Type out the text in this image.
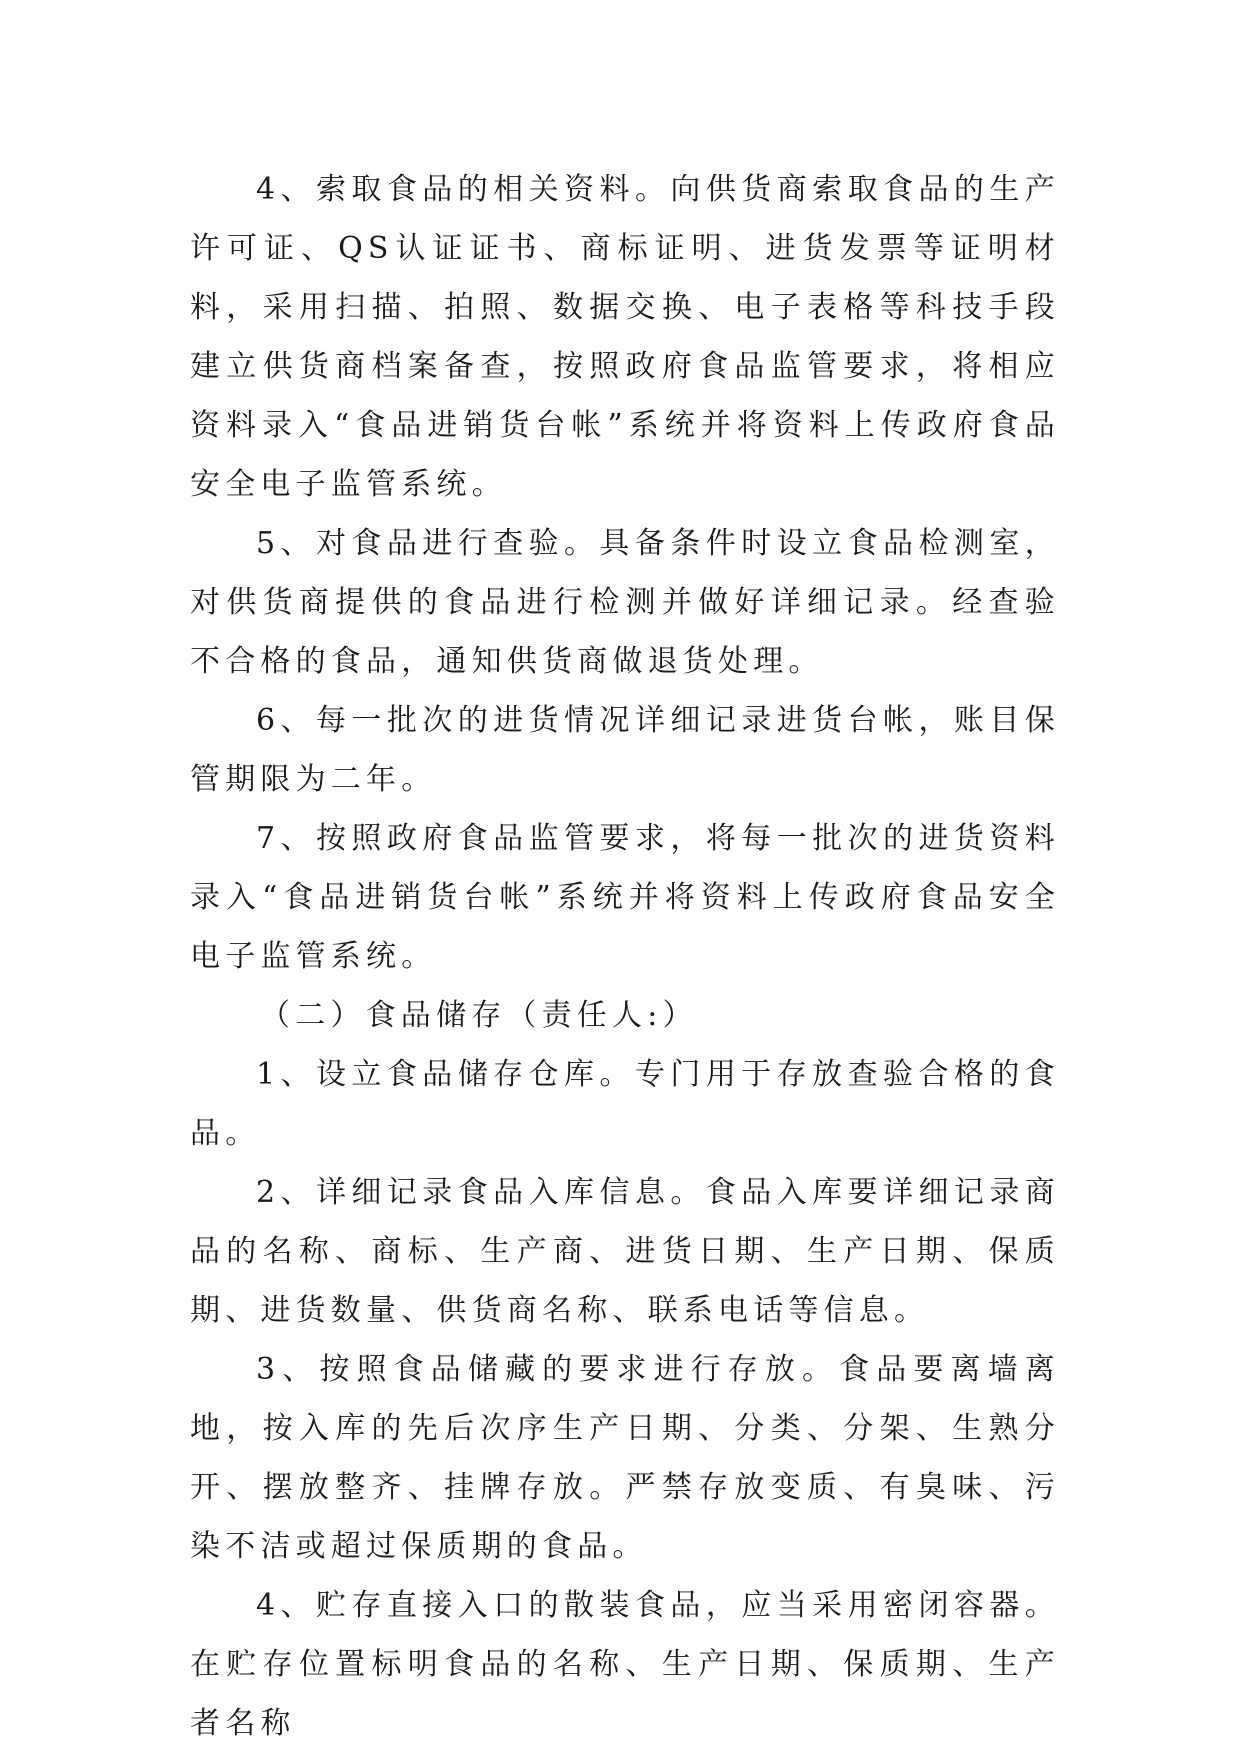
4、索取食品的相关资料。向供货商索取食品的生产许可证、QS认证证书、商标证明、进货发票等证明材料，采用扫描、拍照、数据交换、电子表格等科技手段建立供货商档案备查，按照政府食品监管要求，将相应资料录入“食品进销货台帐”系统并将资料上传政府食品安全电子监管系统。

5、对食品进行查验。具备条件时设立食品检测室，对供货商提供的食品进行检测并做好详细记录。经查验不合格的食品，通知供货商做退货处理。

6、每一批次的进货情况详细记录进货台帐，账目保管期限为二年。

7、按照政府食品监管要求，将每一批次的进货资料录入“食品进销货台帐”系统并将资料上传政府食品安全电子监管系统。

（二）食品储存（责任人:）

1、设立食品储存仓库。专门用于存放查验合格的食品。

2、详细记录食品入库信息。食品入库要详细记录商品的名称、商标、生产商、进货日期、生产日期、保质期、进货数量、供货商名称、联系电话等信息。

3、按照食品储藏的要求进行存放。食品要离墙离地，按入库的先后次序生产日期、分类、分架、生熟分开、摆放整齐、挂牌存放。严禁存放变质、有臭味、污染不洁或超过保质期的食品。

4、贮存直接入口的散装食品，应当采用密闭容器。在贮存位置标明食品的名称、生产日期、保质期、生产者名称
